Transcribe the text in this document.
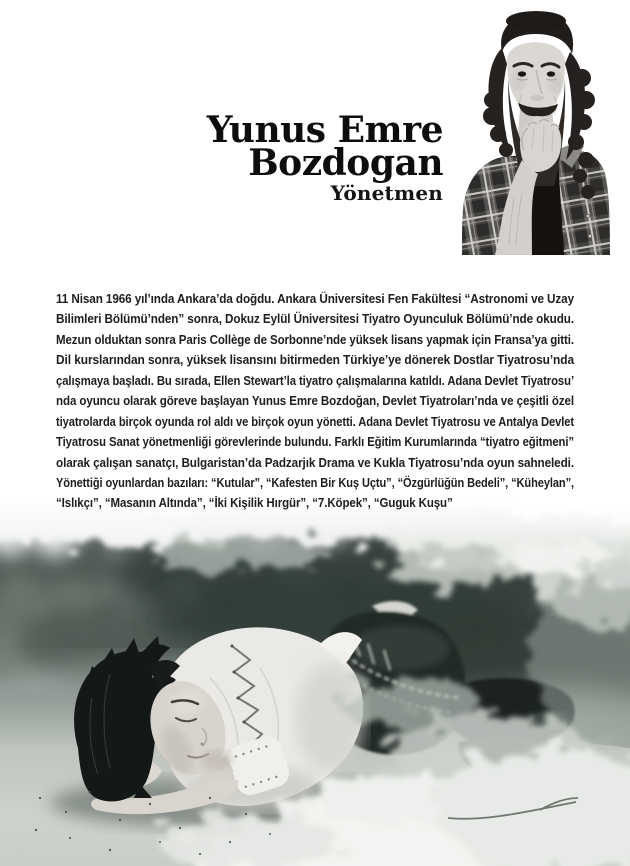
Yunus Emre
Bozdogan
Yönetmen
11 Nisan 1966 yıl’ında Ankara’da doğdu. Ankara Üniversitesi Fen Fakültesi “Astronomi ve Uzay
Bilimleri Bölümü’nden” sonra, Dokuz Eylül Üniversitesi Tiyatro Oyunculuk Bölümü’nde okudu.
Mezun olduktan sonra Paris Collège de Sorbonne’nde yüksek lisans yapmak için Fransa’ya gitti.
Dil kurslarından sonra, yüksek lisansını bitirmeden Türkiye’ye dönerek Dostlar Tiyatrosu’nda
çalışmaya başladı. Bu sırada, Ellen Stewart’la tiyatro çalışmalarına katıldı. Adana Devlet Tiyatrosu’
nda oyuncu olarak göreve başlayan Yunus Emre Bozdoğan, Devlet Tiyatroları’nda ve çeşitli özel
tiyatrolarda birçok oyunda rol aldı ve birçok oyun yönetti. Adana Devlet Tiyatrosu ve Antalya Devlet
Tiyatrosu Sanat yönetmenliği görevlerinde bulundu. Farklı Eğitim Kurumlarında “tiyatro eğitmeni”
olarak çalışan sanatçı, Bulgaristan’da Padzarjık Drama ve Kukla Tiyatrosu’nda oyun sahneledi.
Yönettiği oyunlardan bazıları: “Kutular”, “Kafesten Bir Kuş Uçtu”, “Özgürlüğün Bedeli”, “Küheylan”,
“Islıkçı”, “Masanın Altında”, “İki Kişilik Hırgür”, “7.Köpek”, “Guguk Kuşu”
